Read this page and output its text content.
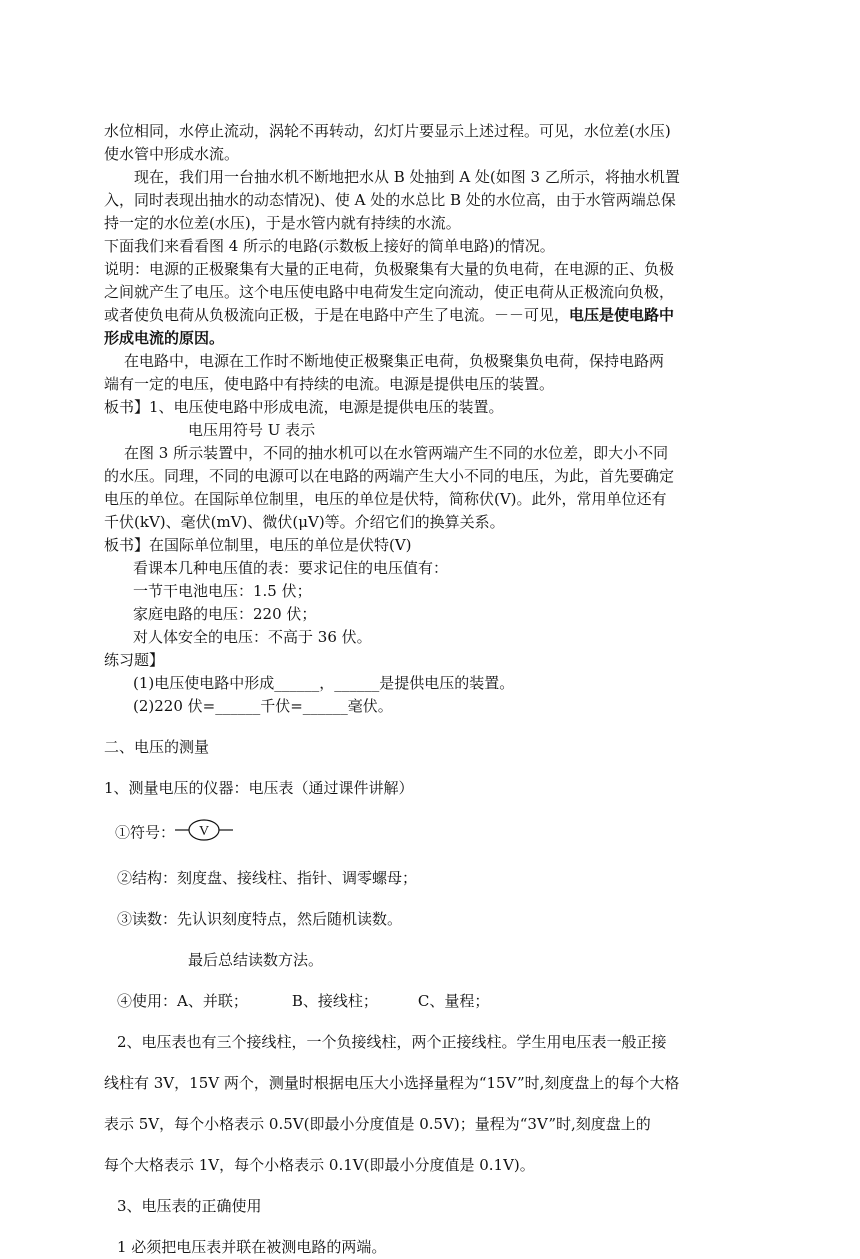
水位相同，水停止流动，涡轮不再转动，幻灯片要显示上述过程。可见，水位差(水压)

使水管中形成水流。

现在，我们用一台抽水机不断地把水从 B 处抽到 A 处(如图 3 乙所示，将抽水机置

入，同时表现出抽水的动态情况)、使 A 处的水总比 B 处的水位高，由于水管两端总保

持一定的水位差(水压)，于是水管内就有持续的水流。

下面我们来看看图 4 所示的电路(示数板上接好的简单电路)的情况。

说明：电源的正极聚集有大量的正电荷，负极聚集有大量的负电荷，在电源的正、负极

之间就产生了电压。这个电压使电路中电荷发生定向流动，使正电荷从正极流向负极，

或者使负电荷从负极流向正极，于是在电路中产生了电流。－－可见，电压是使电路中

形成电流的原因。

在电路中，电源在工作时不断地使正极聚集正电荷，负极聚集负电荷，保持电路两

端有一定的电压，使电路中有持续的电流。电源是提供电压的装置。

板书】1、电压使电路中形成电流，电源是提供电压的装置。

电压用符号 U 表示

在图 3 所示装置中，不同的抽水机可以在水管两端产生不同的水位差，即大小不同

的水压。同理，不同的电源可以在电路的两端产生大小不同的电压，为此，首先要确定

电压的单位。在国际单位制里，电压的单位是伏特，简称伏(V)。此外，常用单位还有

千伏(kV)、毫伏(mV)、微伏(μV)等。介绍它们的换算关系。

板书】在国际单位制里，电压的单位是伏特(V)

看课本几种电压值的表：要求记住的电压值有：

一节干电池电压：1.5 伏；

家庭电路的电压：220 伏；

对人体安全的电压：不高于 36 伏。

练习题】

(1)电压使电路中形成______，______是提供电压的装置。

(2)220 伏=______千伏=______毫伏。

二、电压的测量

1、测量电压的仪器：电压表（通过课件讲解）

①符号： V

②结构：刻度盘、接线柱、指针、调零螺母；

③读数：先认识刻度特点，然后随机读数。

最后总结读数方法。

④使用：A、并联；	B、接线柱；	C、量程；

2、电压表也有三个接线柱，一个负接线柱，两个正接线柱。学生用电压表一般正接

线柱有 3V，15V 两个，测量时根据电压大小选择量程为“15V”时,刻度盘上的每个大格

表示 5V，每个小格表示 0.5V(即最小分度值是 0.5V)；量程为“3V”时,刻度盘上的

每个大格表示 1V，每个小格表示 0.1V(即最小分度值是 0.1V)。

3、电压表的正确使用

1 必须把电压表并联在被测电路的两端。
